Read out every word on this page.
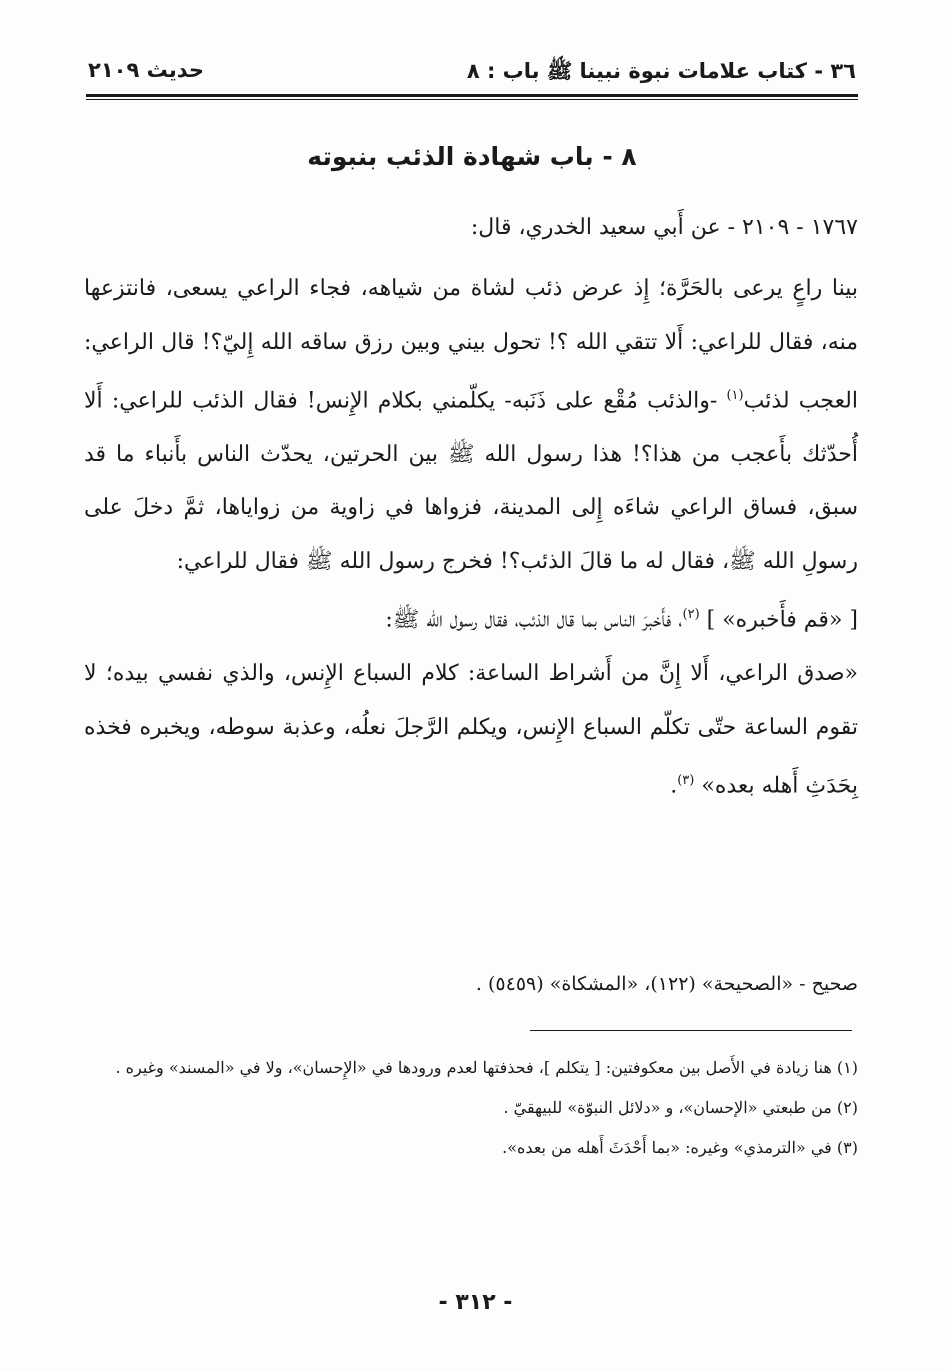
٣٦ - كتاب علامات نبوة نبينا ﷺ باب : ٨
حديث ٢١٠٩
٨ - باب شهادة الذئب بنبوته
١٧٦٧ - ٢١٠٩ - عن أَبي سعيد الخدري، قال:

بينا راعٍ يرعى بالحَرَّة؛ إِذ عرض ذئب لشاة من شياهه، فجاء الراعي يسعى، فانتزعها منه، فقال للراعي: أَلا تتقي الله ؟! تحول بيني وبين رزق ساقه الله إِليّ؟! قال الراعي: العجب لذئب$^{(١)}$ -والذئب مُقْع على ذَنَبه- يكلّمني بكلام الإِنس! فقال الذئب للراعي: أَلا أُحدّثك بأَعجب من هذا؟! هذا رسول الله ﷺ بين الحرتين، يحدّث الناس بأَنباء ما قد سبق، فساق الراعي شاءَه إِلى المدينة، فزواها في زاوية من زواياها، ثمَّ دخلَ على رسولِ الله ﷺ، فقال له ما قالَ الذئب؟! فخرج رسول الله ﷺ فقال للراعي:

[ «قم فأَخبره» ] $^{(٢)}$، فأَخبرَ الناس بما قال الذئب، فقال رسول الله ﷺ:

«صدق الراعي، أَلا إِنَّ من أَشراط الساعة: كلام السباع الإِنس، والذي نفسي بيده؛ لا تقوم الساعة حتّى تكلّم السباع الإِنس، ويكلم الرَّجلَ نعلُه، وعذبة سوطه، ويخبره فخذه بِحَدَثِ أَهله بعده» $^{(٣)}$.

صحيح - «الصحيحة» (١٢٢)، «المشكاة» (٥٤٥٩) .

(١) هنا زيادة في الأَصل بين معكوفتين: [ يتكلم ]، فحذفتها لعدم ورودها في «الإِحسان»، ولا في «المسند» وغيره .

(٢) من طبعتي «الإحسان»، و «دلائل النبوّة» للبيهقيّ .

(٣) في «الترمذي» وغيره: «بما أَحْدَثَ أَهله من بعده».

- ٣١٢ -
